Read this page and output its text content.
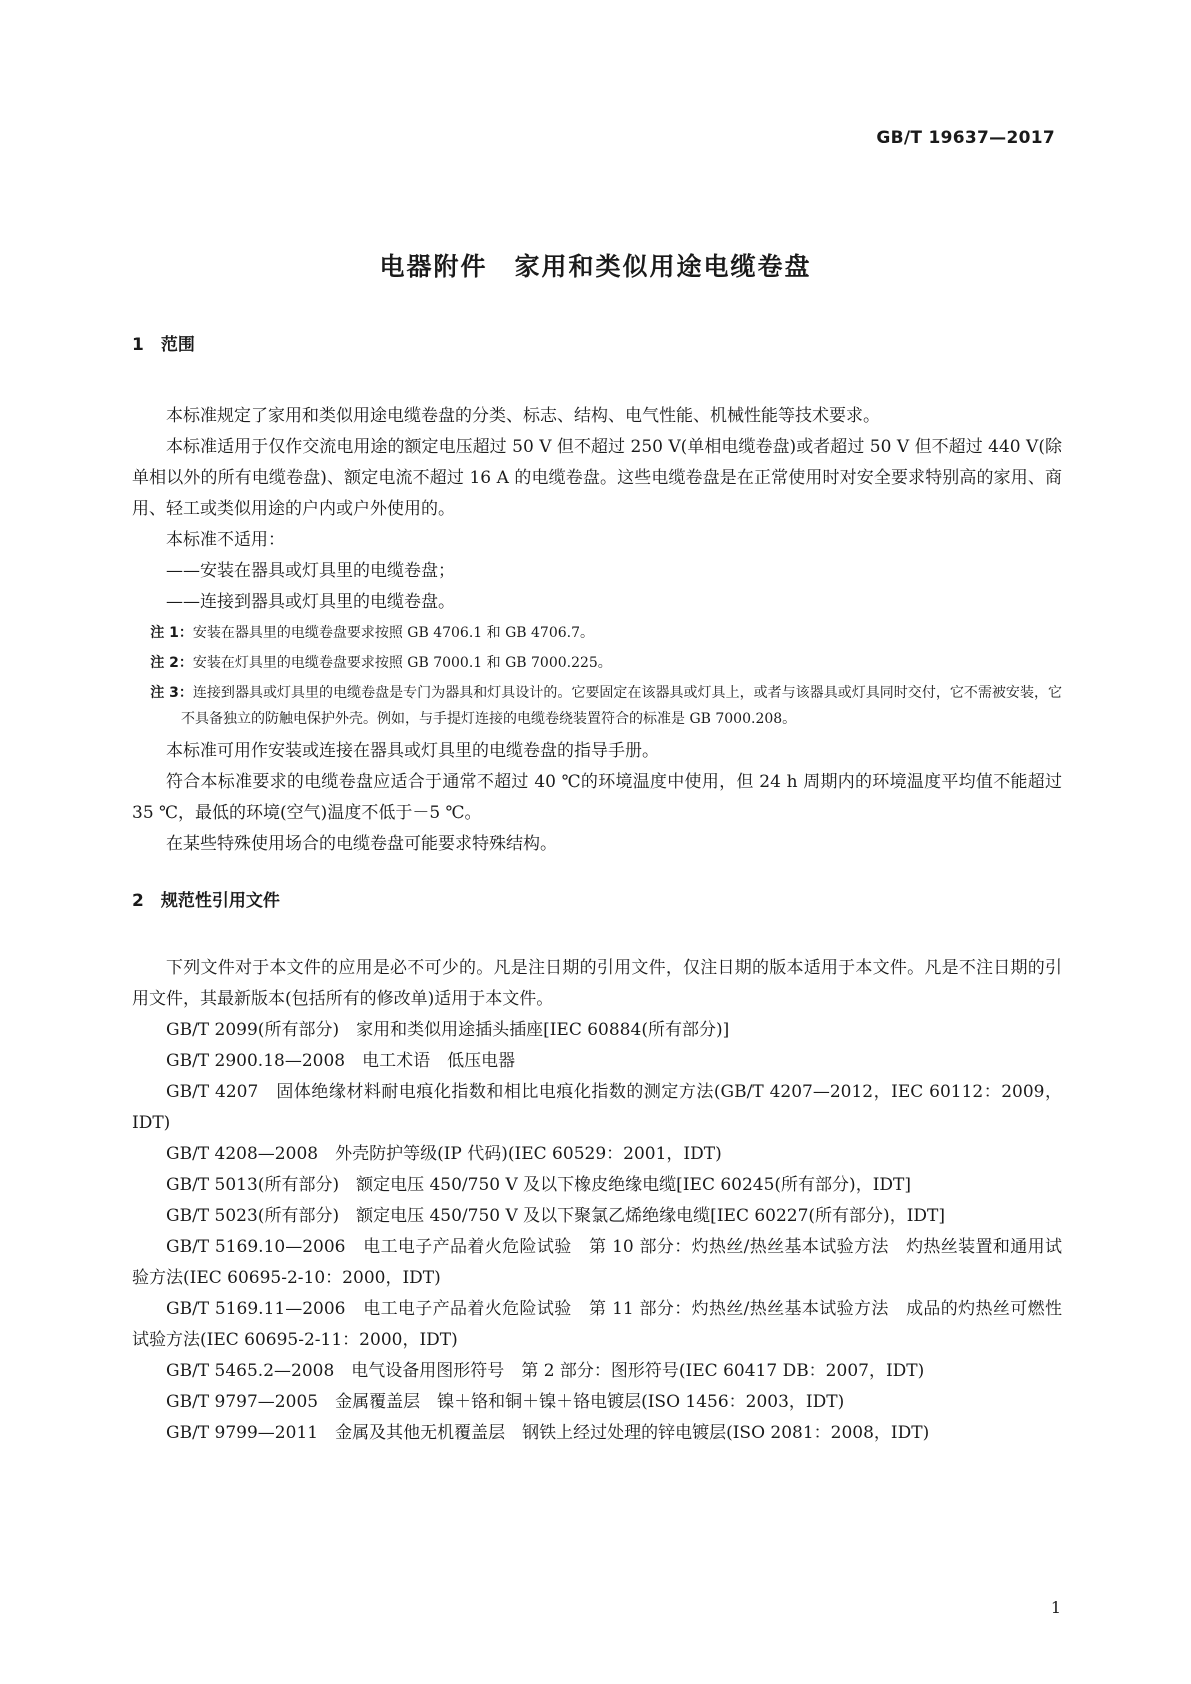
GB/T 19637—2017
电器附件　家用和类似用途电缆卷盘
1　范围

本标准规定了家用和类似用途电缆卷盘的分类、标志、结构、电气性能、机械性能等技术要求。

本标准适用于仅作交流电用途的额定电压超过 50 V 但不超过 250 V(单相电缆卷盘)或者超过 50 V 但不超过 440 V(除单相以外的所有电缆卷盘)、额定电流不超过 16 A 的电缆卷盘。这些电缆卷盘是在正常使用时对安全要求特别高的家用、商用、轻工或类似用途的户内或户外使用的。

本标准不适用：

——安装在器具或灯具里的电缆卷盘；

——连接到器具或灯具里的电缆卷盘。

注 1：安装在器具里的电缆卷盘要求按照 GB 4706.1 和 GB 4706.7。

注 2：安装在灯具里的电缆卷盘要求按照 GB 7000.1 和 GB 7000.225。

注 3：连接到器具或灯具里的电缆卷盘是专门为器具和灯具设计的。它要固定在该器具或灯具上，或者与该器具或灯具同时交付，它不需被安装，它不具备独立的防触电保护外壳。例如，与手提灯连接的电缆卷绕装置符合的标准是 GB 7000.208。

本标准可用作安装或连接在器具或灯具里的电缆卷盘的指导手册。

符合本标准要求的电缆卷盘应适合于通常不超过 40 ℃的环境温度中使用，但 24 h 周期内的环境温度平均值不能超过 35 ℃，最低的环境(空气)温度不低于－5 ℃。

在某些特殊使用场合的电缆卷盘可能要求特殊结构。

2　规范性引用文件

下列文件对于本文件的应用是必不可少的。凡是注日期的引用文件，仅注日期的版本适用于本文件。凡是不注日期的引用文件，其最新版本(包括所有的修改单)适用于本文件。

GB/T 2099(所有部分)　家用和类似用途插头插座[IEC 60884(所有部分)]

GB/T 2900.18—2008　电工术语　低压电器

GB/T 4207　固体绝缘材料耐电痕化指数和相比电痕化指数的测定方法(GB/T 4207—2012，IEC 60112：2009，IDT)

GB/T 4208—2008　外壳防护等级(IP 代码)(IEC 60529：2001，IDT)

GB/T 5013(所有部分)　额定电压 450/750 V 及以下橡皮绝缘电缆[IEC 60245(所有部分)，IDT]

GB/T 5023(所有部分)　额定电压 450/750 V 及以下聚氯乙烯绝缘电缆[IEC 60227(所有部分)，IDT]

GB/T 5169.10—2006　电工电子产品着火危险试验　第 10 部分：灼热丝/热丝基本试验方法　灼热丝装置和通用试验方法(IEC 60695-2-10：2000，IDT)

GB/T 5169.11—2006　电工电子产品着火危险试验　第 11 部分：灼热丝/热丝基本试验方法　成品的灼热丝可燃性试验方法(IEC 60695-2-11：2000，IDT)

GB/T 5465.2—2008　电气设备用图形符号　第 2 部分：图形符号(IEC 60417 DB：2007，IDT)

GB/T 9797—2005　金属覆盖层　镍＋铬和铜＋镍＋铬电镀层(ISO 1456：2003，IDT)

GB/T 9799—2011　金属及其他无机覆盖层　钢铁上经过处理的锌电镀层(ISO 2081：2008，IDT)

1
